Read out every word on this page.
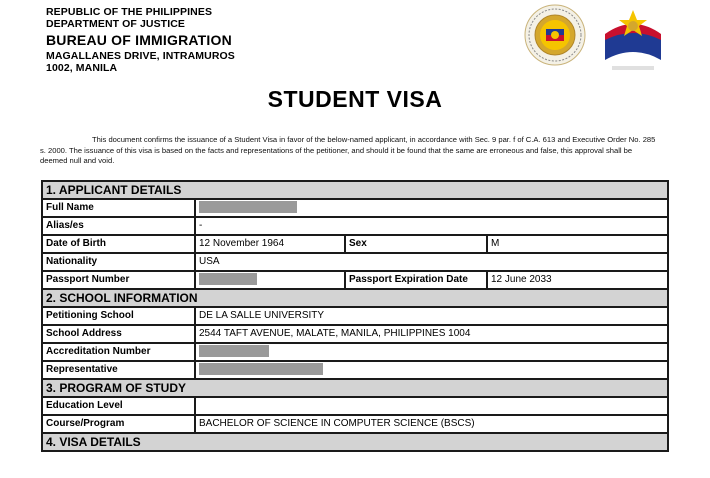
REPUBLIC OF THE PHILIPPINES
DEPARTMENT OF JUSTICE
BUREAU OF IMMIGRATION
MAGALLANES DRIVE, INTRAMUROS
1002, MANILA
STUDENT VISA
This document confirms the issuance of a Student Visa in favor of the below-named applicant, in accordance with Sec. 9 par. f of C.A. 613 and Executive Order No. 285 s. 2000. The issuance of this visa is based on the facts and representations of the petitioner, and should it be found that the same are erroneous and false, this approval shall be deemed null and void.
1. APPLICANT DETAILS			
Full Name			
Alias/es	-		
Date of Birth	12 November 1964	Sex	M
Nationality	USA		
Passport Number		Passport Expiration Date	12 June 2033
2. SCHOOL INFORMATION			
Petitioning School	DE LA SALLE UNIVERSITY		
School Address	2544 TAFT AVENUE, MALATE, MANILA, PHILIPPINES 1004		
Accreditation Number			
Representative			
3. PROGRAM OF STUDY			
Education Level			
Course/Program	BACHELOR OF SCIENCE IN COMPUTER SCIENCE (BSCS)		
4. VISA DETAILS			
